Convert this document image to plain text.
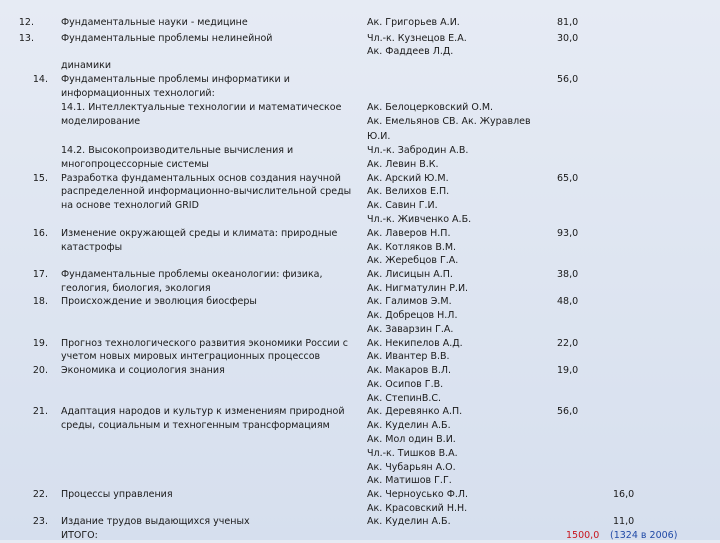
12.
13.
14.
15.
16.
17.
18.
19.
20.
21.
22.
23.
Фундаментальные науки - медицине
Фундаментальные проблемы нелинейной
динамики
Фундаментальные проблемы информатики и
информационных технологий:
14.1. Интеллектуальные технологии и математическое
моделирование
14.2. Высокопроизводительные вычисления и
многопроцессорные системы
Разработка фундаментальных основ создания научной
распределенной информационно-вычислительной среды
на основе технологий GRID
Изменение окружающей среды и климата: природные
катастрофы
Фундаментальные проблемы океанологии: физика,
геология, биология, экология
Происхождение и эволюция биосферы
Прогноз технологического развития экономики России с
учетом новых мировых интеграционных процессов
Экономика и социология знания
Адаптация народов и культур к изменениям природной
среды, социальным и техногенным трансформациям
Процессы управления
Издание трудов выдающихся ученых
Ак. Григорьев А.И.
Чл.-к. Кузнецов Е.А.
Ак. Фаддеев Л.Д.
Ак. Белоцерковский О.М.
Ак. Емельянов СВ. Ак. Журавлев
Ю.И.
Чл.-к. Забродин А.В.
Ак. Левин В.К.
Ак. Арский Ю.М.
Ак. Велихов Е.П.
Ак. Савин Г.И.
Чл.-к. Живченко А.Б.
Ак. Лаверов Н.П.
Ак. Котляков В.М.
Ак. Жеребцов Г.А.
Ак. Лисицын А.П.
Ак. Нигматулин Р.И.
Ак. Галимов Э.М.
Ак. Добрецов Н.Л.
Ак. Заварзин Г.А.
Ак. Некипелов А.Д.
Ак. Ивантер В.В.
Ак. Макаров В.Л.
Ак. Осипов Г.В.
Ак. СтепинВ.С.
Ак. Деревянко А.П.
Ак. Куделин А.Б.
Ак. Мол один В.И.
Чл.-к. Тишков В.А.
Ак. Чубарьян А.О.
Ак. Матишов Г.Г.
Ак. Черноусько Ф.Л.
Ак. Красовский Н.Н.
Ак. Куделин А.Б.
81,0
30,0
56,0
65,0
93,0
38,0
48,0
22,0
19,0
56,0
16,0
11,0
ИТОГО:	1500,0 (1324 в 2006)
